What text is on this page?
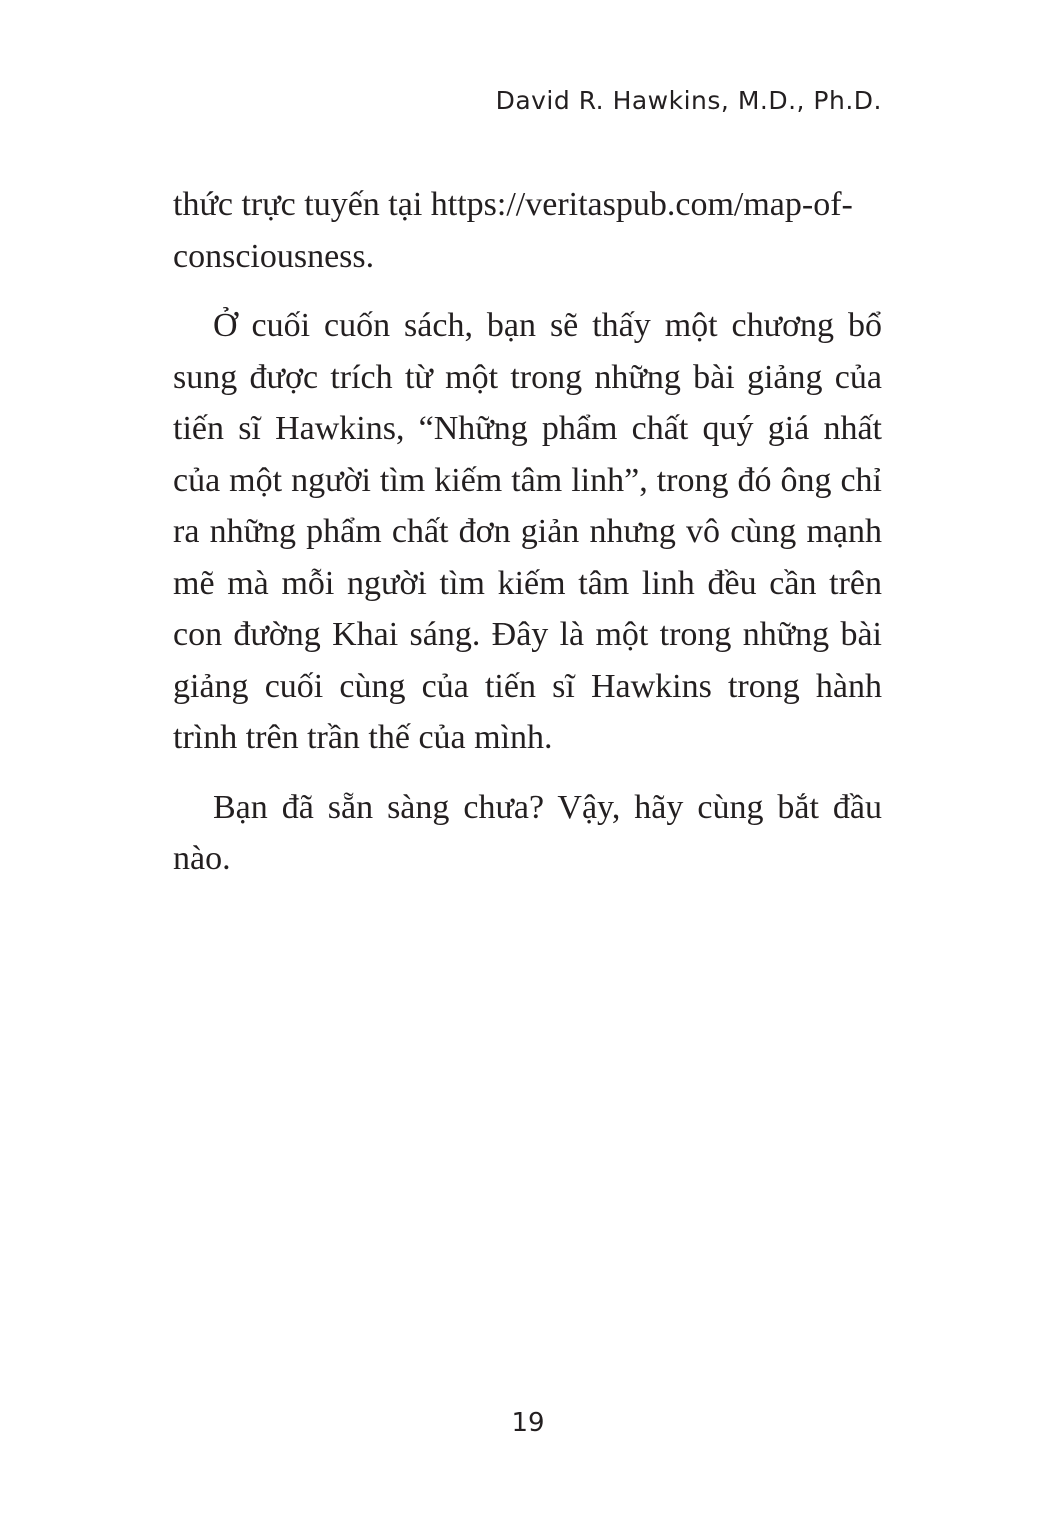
David R. Hawkins, M.D., Ph.D.

thức trực tuyến tại https://veritaspub.com/map-of-consciousness.

Ở cuối cuốn sách, bạn sẽ thấy một chương bổ sung được trích từ một trong những bài giảng của tiến sĩ Hawkins, “Những phẩm chất quý giá nhất của một người tìm kiếm tâm linh”, trong đó ông chỉ ra những phẩm chất đơn giản nhưng vô cùng mạnh mẽ mà mỗi người tìm kiếm tâm linh đều cần trên con đường Khai sáng. Đây là một trong những bài giảng cuối cùng của tiến sĩ Hawkins trong hành trình trên trần thế của mình.

Bạn đã sẵn sàng chưa? Vậy, hãy cùng bắt đầu nào.

19
